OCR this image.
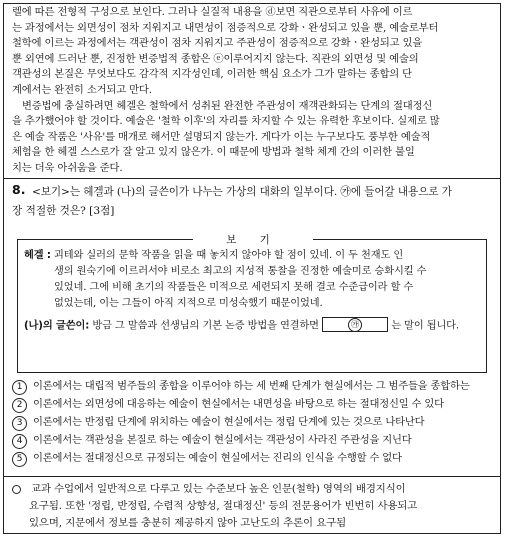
렐에 따른 전형적 구성으로 보인다. 그러나 실질적 내용을 ⓓ보면 직관으로부터 사유에 이르
는 과정에서는 외면성이 점차 지워지고 내면성이 점증적으로 강화ㆍ완성되고 있을 뿐, 예술로부터
철학에 이르는 과정에서는 객관성이 점차 지워지고 주관성이 점증적으로 강화ㆍ완성되고 있을
뿐 외연에 드러난 뿐, 진정한 변증법적 종합은 ⓔ이루어지지 않는다. 직관의 외면성 및 예술의
객관성의 본질은 무엇보다도 감각적 지각성인데, 이러한 핵심 요소가 그가 말하는 종합의 단
계에서는 완전히 소거되고 만다.
변증법에 충실하려면 헤겔은 철학에서 성취된 완전한 주관성이 재객관화되는 단계의 절대정신
을 추가했어야 할 것이다. 예술은 '철학 이후'의 자리를 차지할 수 있는 유력한 후보이다. 실제로 많
은 예술 작품은 '사유'를 매개로 해서만 설명되지 않는가. 게다가 이는 누구보다도 풍부한 예술적
체험을 한 헤겔 스스로가 잘 알고 있지 않은가. 이 때문에 방법과 철학 체계 간의 이러한 불일
치는 더욱 아쉬움을 준다.
8. <보기>는 헤겔과 (나)의 글쓴이가 나누는 가상의 대화의 일부이다. ㉮에 들어갈 내용으로 가
장 적절한 것은? [3점]
보 기
헤겔 : 괴테와 실러의 문학 작품을 읽을 때 놓치지 않아야 할 점이 있네. 이 두 천재도 인
생의 원숙기에 이르러서야 비로소 최고의 지성적 통찰을 진정한 예술미로 승화시킬 수
있었네. 그에 비해 초기의 작품들은 미적으로 세련되지 못해 결코 수준급이라 할 수
없었는데, 이는 그들이 아직 지적으로 미성숙했기 때문이었네.
(나)의 글쓴이: 방금 그 말씀과 선생님의 기본 논증 방법을 연결하면	㉮	는 말이 됩니다.
1 이론에서는 대립적 범주들의 종합을 이루어야 하는 세 번째 단계가 현실에서는 그 범주들을 종합하는
2 이론에서는 외면성에 대응하는 예술이 현실에서는 내면성을 바탕으로 하는 절대정신일 수 있다
3 이론에서는 반정립 단계에 위치하는 예술이 현실에서는 정립 단계에 있는 것으로 나타난다
4 이론에서는 객관성을 본질로 하는 예술이 현실에서는 객관성이 사라진 주관성을 지닌다
5 이론에서는 절대정신으로 규정되는 예술이 현실에서는 진리의 인식을 수행할 수 없다
교과 수업에서 일반적으로 다루고 있는 수준보다 높은 인문(철학) 영역의 배경지식이
요구됨. 또한 '정립, 반정립, 수렴적 상향성, 절대정신' 등의 전문용어가 빈번히 사용되고
있으며, 지문에서 정보를 충분히 제공하지 않아 고난도의 추론이 요구됨
